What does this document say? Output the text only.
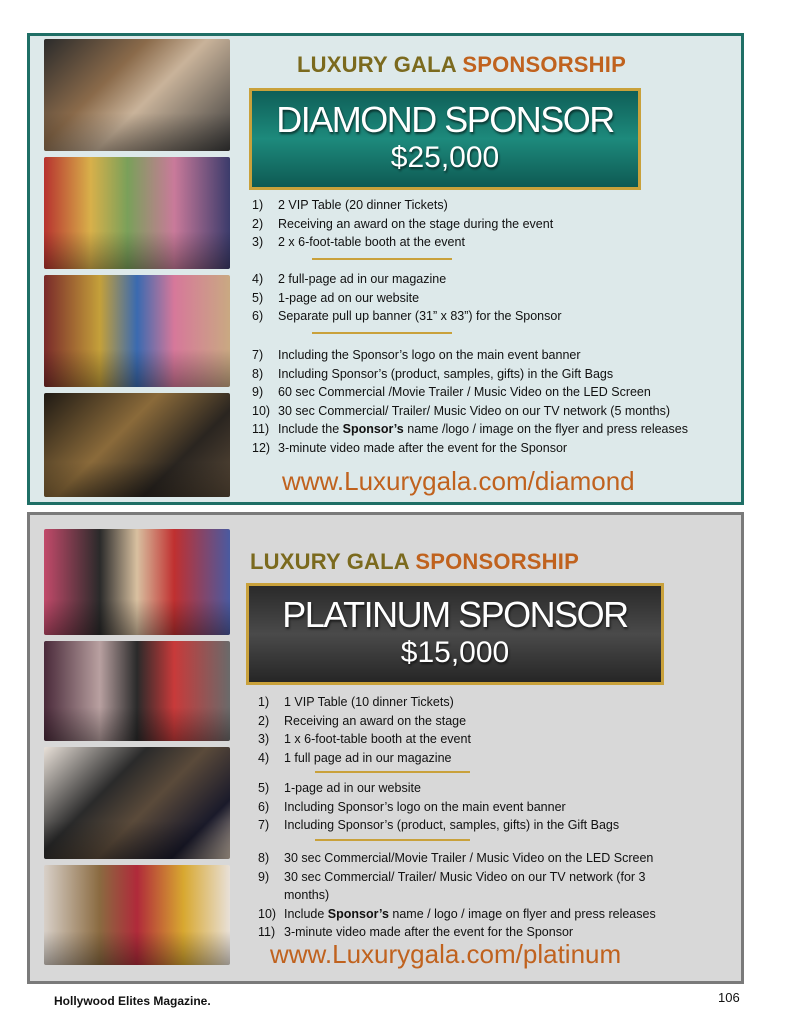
LUXURY GALA SPONSORSHIP
DIAMOND SPONSOR
$25,000
1)	2 VIP Table (20 dinner Tickets)
2)	Receiving an award on the stage during the event
3)	2 x 6-foot-table booth at the event
4)	2 full-page ad in our magazine
5)	1-page ad on our website
6)	Separate pull up banner (31” x 83”) for the Sponsor
7)	Including the Sponsor’s logo on the main event banner
8)	Including Sponsor’s (product, samples, gifts) in the Gift Bags
9)	60 sec Commercial /Movie Trailer / Music Video on the LED Screen
10) 30 sec Commercial/ Trailer/ Music Video on our TV network (5 months)
11) Include the Sponsor’s name /logo / image on the flyer and press releases
12) 3-minute video made after the event for the Sponsor
www.Luxurygala.com/diamond
LUXURY GALA SPONSORSHIP
PLATINUM SPONSOR
$15,000
1)	1 VIP Table (10 dinner Tickets)
2)	Receiving an award on the stage
3)	1 x 6-foot-table booth at the event
4)	1 full page ad in our magazine
5)	1-page ad in our website
6)	Including Sponsor’s logo on the main event banner
7)	Including Sponsor’s (product, samples, gifts) in the Gift Bags
8)	30 sec Commercial/Movie Trailer / Music Video on the LED Screen
9)	30 sec Commercial/ Trailer/ Music Video on our TV network (for 3 months)
10) Include Sponsor’s name / logo / image on flyer and press releases
11) 3-minute video made after the event for the Sponsor
www.Luxurygala.com/platinum
Hollywood Elites Magazine.	106
